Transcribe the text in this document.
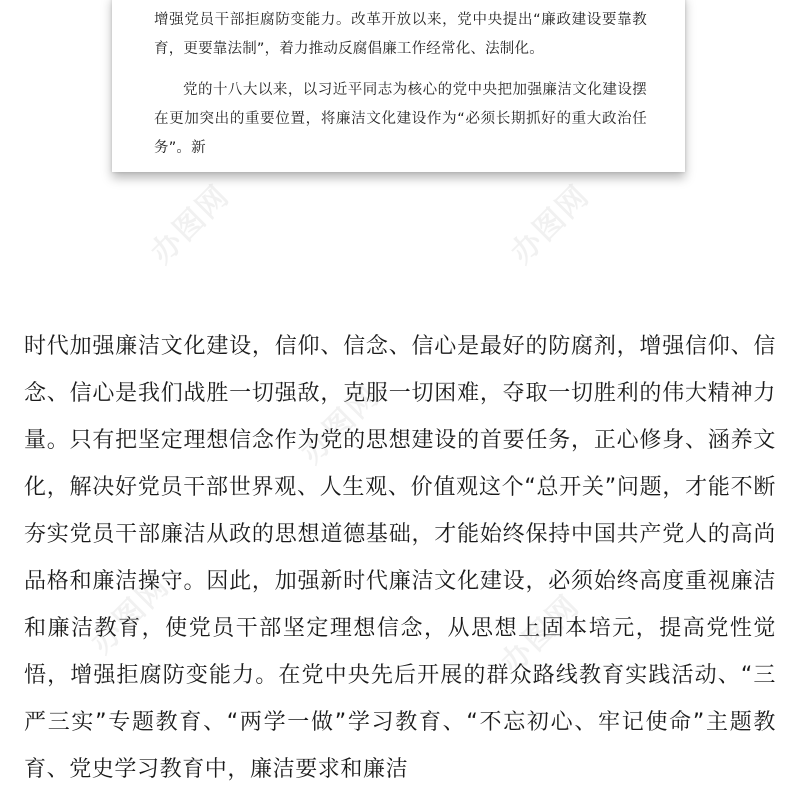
增强党员干部拒腐防变能力。改革开放以来，党中央提出“廉政建设要靠教育，更要靠法制”，着力推动反腐倡廉工作经常化、法制化。

党的十八大以来，以习近平同志为核心的党中央把加强廉洁文化建设摆在更加突出的重要位置，将廉洁文化建设作为“必须长期抓好的重大政治任务”。新

时代加强廉洁文化建设，信仰、信念、信心是最好的防腐剂，增强信仰、信念、信心是我们战胜一切强敌，克服一切困难，夺取一切胜利的伟大精神力量。只有把坚定理想信念作为党的思想建设的首要任务，正心修身、涵养文化，解决好党员干部世界观、人生观、价值观这个“总开关”问题，才能不断夯实党员干部廉洁从政的思想道德基础，才能始终保持中国共产党人的高尚品格和廉洁操守。因此，加强新时代廉洁文化建设，必须始终高度重视廉洁和廉洁教育，使党员干部坚定理想信念，从思想上固本培元，提高党性觉悟，增强拒腐防变能力。在党中央先后开展的群众路线教育实践活动、“三严三实”专题教育、“两学一做”学习教育、“不忘初心、牢记使命”主题教育、党史学习教育中，廉洁要求和廉洁

办图网	办图网
办图网
办图网	办图网
